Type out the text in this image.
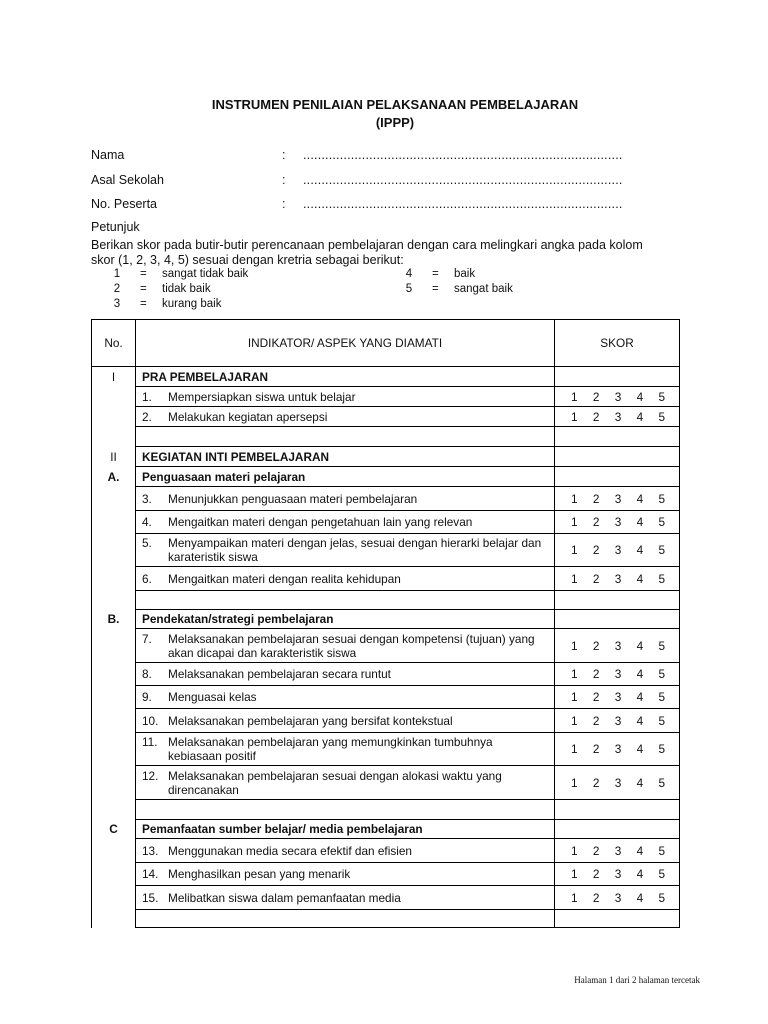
INSTRUMEN PENILAIAN PELAKSANAAN PEMBELAJARAN
(IPPP)
Nama	: .......................................................................................
Asal Sekolah	: .......................................................................................
No. Peserta	: .......................................................................................
Petunjuk
Berikan skor pada butir-butir perencanaan pembelajaran dengan cara melingkari angka pada kolom
skor (1, 2, 3, 4, 5) sesuai dengan kretria sebagai berikut:
1	= sangat tidak baik
2	= tidak baik
3	= kurang baik
4	= baik
5	= sangat baik
No.	INDIKATOR/ ASPEK YANG DIAMATI	SKOR
I	PRA PEMBELAJARAN	

	1. Mempersiapkan siswa untuk belajar	1 2 3 4 5

	2. Melakukan kegiatan apersepsi	1 2 3 4 5

II	KEGIATAN INTI PEMBELAJARAN	
A.	Penguasaan materi pelajaran	

	3. Menunjukkan penguasaan materi pembelajaran	1 2 3 4 5

	4. Mengaitkan materi dengan pengetahuan lain yang relevan	1 2 3 4 5

	5. Menyampaikan materi dengan jelas, sesuai dengan hierarki belajar dan karateristik siswa	1 2 3 4 5

	6. Mengaitkan materi dengan realita kehidupan	1 2 3 4 5

B.	Pendekatan/strategi pembelajaran	

	7. Melaksanakan pembelajaran sesuai dengan kompetensi (tujuan) yang akan dicapai dan karakteristik siswa	1 2 3 4 5

	8. Melaksanakan pembelajaran secara runtut	1 2 3 4 5

	9. Menguasai kelas	1 2 3 4 5

	10. Melaksanakan pembelajaran yang bersifat kontekstual	1 2 3 4 5

	11. Melaksanakan pembelajaran yang memungkinkan tumbuhnya kebiasaan positif	1 2 3 4 5

	12. Melaksanakan pembelajaran sesuai dengan alokasi waktu yang direncanakan	1 2 3 4 5

C	Pemanfaatan sumber belajar/ media pembelajaran	

	13. Menggunakan media secara efektif dan efisien	1 2 3 4 5

	14. Menghasilkan pesan yang menarik	1 2 3 4 5

	15. Melibatkan siswa dalam pemanfaatan media	1 2 3 4 5

Halaman 1 dari 2 halaman tercetak
